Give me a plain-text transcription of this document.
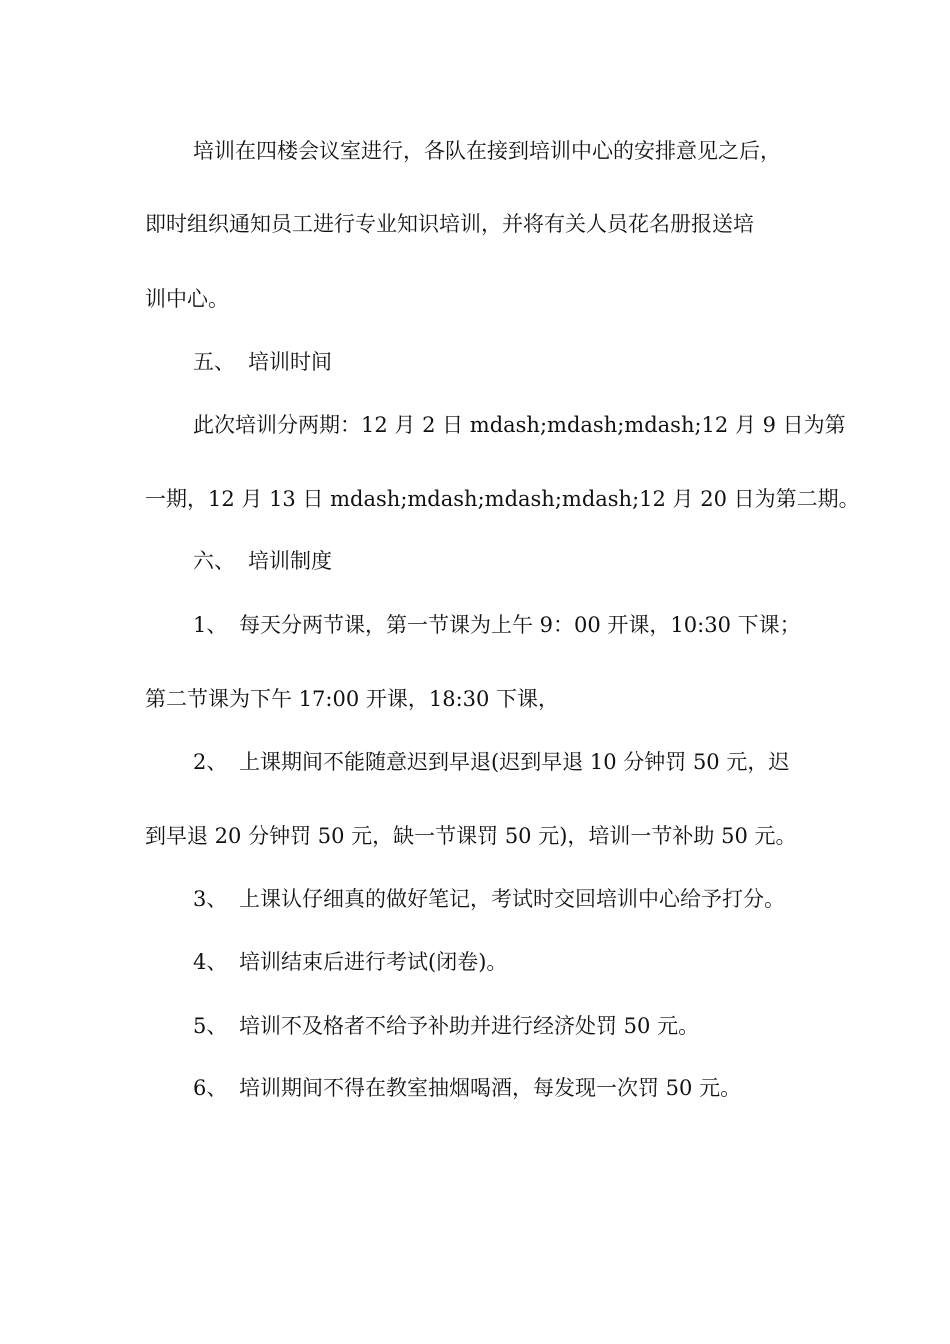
培训在四楼会议室进行，各队在接到培训中心的安排意见之后，
即时组织通知员工进行专业知识培训，并将有关人员花名册报送培
训中心。
五、 培训时间
此次培训分两期：12 月 2 日 mdash;mdash;mdash;12 月 9 日为第
一期，12 月 13 日 mdash;mdash;mdash;mdash;12 月 20 日为第二期。
六、 培训制度
1、 每天分两节课，第一节课为上午 9：00 开课，10:30 下课；
第二节课为下午 17:00 开课，18:30 下课，
2、 上课期间不能随意迟到早退(迟到早退 10 分钟罚 50 元，迟
到早退 20 分钟罚 50 元，缺一节课罚 50 元)，培训一节补助 50 元。
3、 上课认仔细真的做好笔记，考试时交回培训中心给予打分。
4、 培训结束后进行考试(闭卷)。
5、 培训不及格者不给予补助并进行经济处罚 50 元。
6、 培训期间不得在教室抽烟喝酒，每发现一次罚 50 元。
